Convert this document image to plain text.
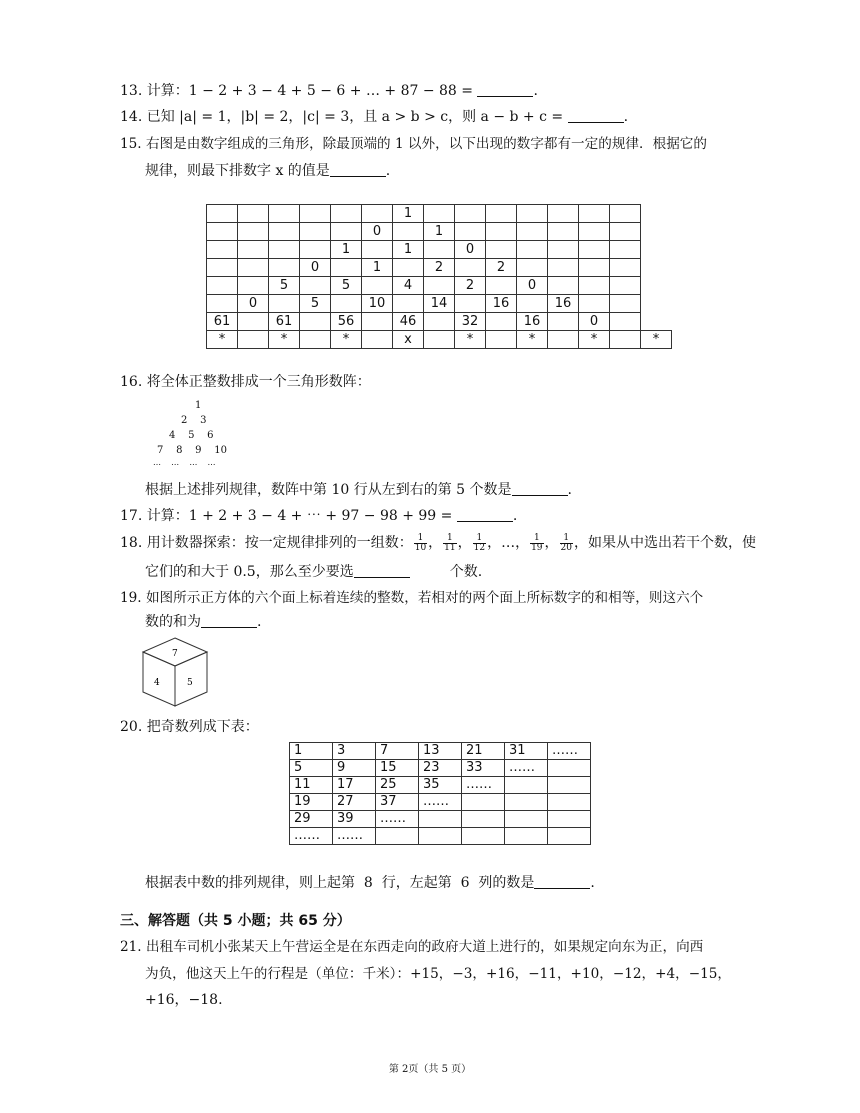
13. 计算：1 − 2 + 3 − 4 + 5 − 6 + … + 87 − 88 =	.
14. 已知 |a| = 1，|b| = 2，|c| = 3，且 a > b > c，则 a − b + c =	.
15. 右图是由数字组成的三角形，除最顶端的 1 以外，以下出现的数字都有一定的规律．根据它的
规律，则最下排数字 x 的值是	.
						1								
					0		1							
				1		1		0						
			0		1		2		2					
		5		5		4		2		0				
	0		5		10		14		16		16			
61		61		56		46		32		16		0		
*		*		*		x		*		*		*		*
16. 将全体正整数排成一个三角形数阵：
1
2    3
4    5    6
7    8    9    10
…    …    …    …
根据上述排列规律，数阵中第 10 行从左到右的第 5 个数是	.
17. 计算：1 + 2 + 3 − 4 + ⋯ + 97 − 98 + 99 =	.
18. 用计数器探索：按一定规律排列的一组数： $\frac{1}{10}$ ， $\frac{1}{11}$ ， $\frac{1}{12}$ ，…， $\frac{1}{19}$ ， $\frac{1}{20}$ ，如果从中选出若干个数，使
它们的和大于 0.5，那么至少要选	个数.
19. 如图所示正方体的六个面上标着连续的整数，若相对的两个面上所标数字的和相等，则这六个
数的和为	.
7
4	5
20. 把奇数列成下表：
1	3	7	13	21	31	……
5	9	15	23	33	……	
11	17	25	35	……		
19	27	37	……			
29	39	……				
……	……					
根据表中数的排列规律，则上起第  8  行，左起第  6  列的数是	.
三、解答题（共 5 小题；共 65 分）
21. 出租车司机小张某天上午营运全是在东西走向的政府大道上进行的，如果规定向东为正，向西
为负，他这天上午的行程是（单位：千米）：+15，−3，+16，−11，+10，−12，+4，−15，
+16，−18.
第 2页（共 5 页）
